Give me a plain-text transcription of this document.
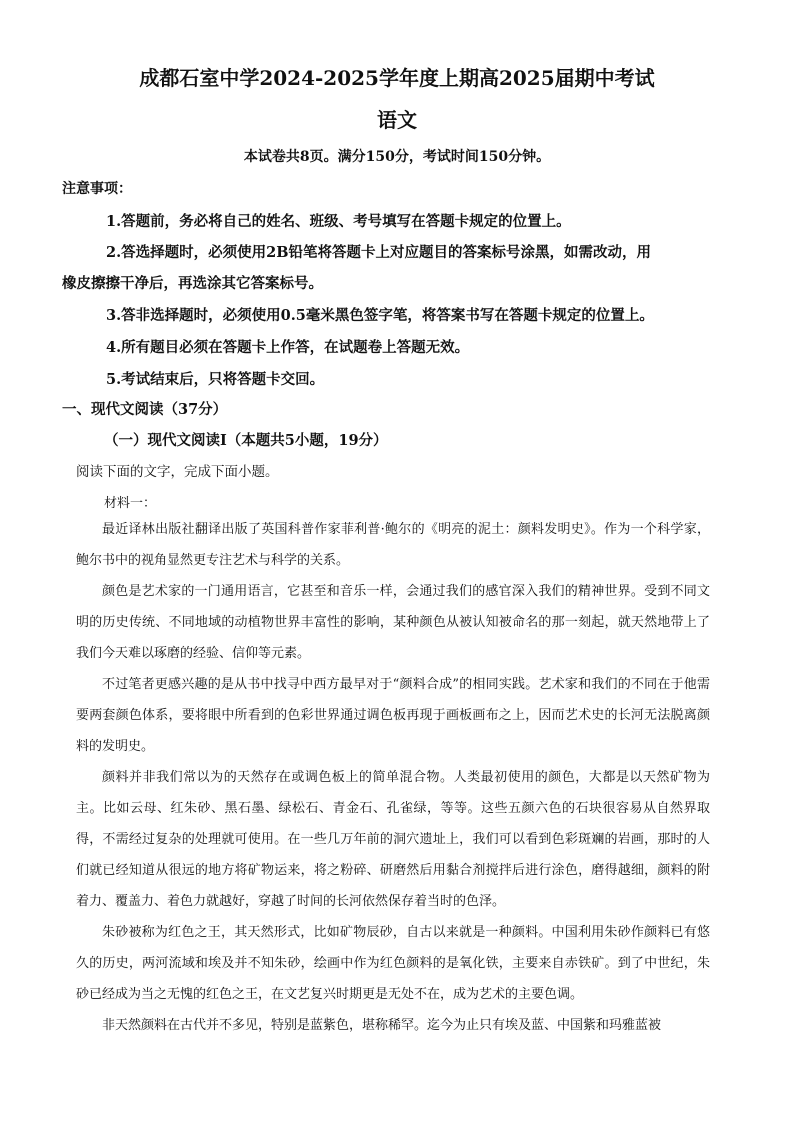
成都石室中学2024-2025学年度上期高2025届期中考试
语文
本试卷共8页。满分150分，考试时间150分钟。
注意事项：
1.答题前，务必将自己的姓名、班级、考号填写在答题卡规定的位置上。
2.答选择题时，必须使用2B铅笔将答题卡上对应题目的答案标号涂黑，如需改动，用
橡皮擦擦干净后，再选涂其它答案标号。
3.答非选择题时，必须使用0.5毫米黑色签字笔，将答案书写在答题卡规定的位置上。
4.所有题目必须在答题卡上作答，在试题卷上答题无效。
5.考试结束后，只将答题卡交回。
一、现代文阅读（37分）
（一）现代文阅读Ⅰ（本题共5小题，19分）
阅读下面的文字，完成下面小题。
材料一：

最近译林出版社翻译出版了英国科普作家菲利普·鲍尔的《明亮的泥土：颜料发明史》。作为一个科学家，鲍尔书中的视角显然更专注艺术与科学的关系。

颜色是艺术家的一门通用语言，它甚至和音乐一样，会通过我们的感官深入我们的精神世界。受到不同文明的历史传统、不同地域的动植物世界丰富性的影响，某种颜色从被认知被命名的那一刻起，就天然地带上了我们今天难以琢磨的经验、信仰等元素。

不过笔者更感兴趣的是从书中找寻中西方最早对于“颜料合成”的相同实践。艺术家和我们的不同在于他需要两套颜色体系，要将眼中所看到的色彩世界通过调色板再现于画板画布之上，因而艺术史的长河无法脱离颜料的发明史。

颜料并非我们常以为的天然存在或调色板上的简单混合物。人类最初使用的颜色，大都是以天然矿物为主。比如云母、红朱砂、黑石墨、绿松石、青金石、孔雀绿，等等。这些五颜六色的石块很容易从自然界取得，不需经过复杂的处理就可使用。在一些几万年前的洞穴遗址上，我们可以看到色彩斑斓的岩画，那时的人们就已经知道从很远的地方将矿物运来，将之粉碎、研磨然后用黏合剂搅拌后进行涂色，磨得越细，颜料的附着力、覆盖力、着色力就越好，穿越了时间的长河依然保存着当时的色泽。

朱砂被称为红色之王，其天然形式，比如矿物辰砂，自古以来就是一种颜料。中国利用朱砂作颜料已有悠久的历史，两河流域和埃及并不知朱砂，绘画中作为红色颜料的是氧化铁，主要来自赤铁矿。到了中世纪，朱砂已经成为当之无愧的红色之王，在文艺复兴时期更是无处不在，成为艺术的主要色调。

非天然颜料在古代并不多见，特别是蓝紫色，堪称稀罕。迄今为止只有埃及蓝、中国紫和玛雅蓝被
